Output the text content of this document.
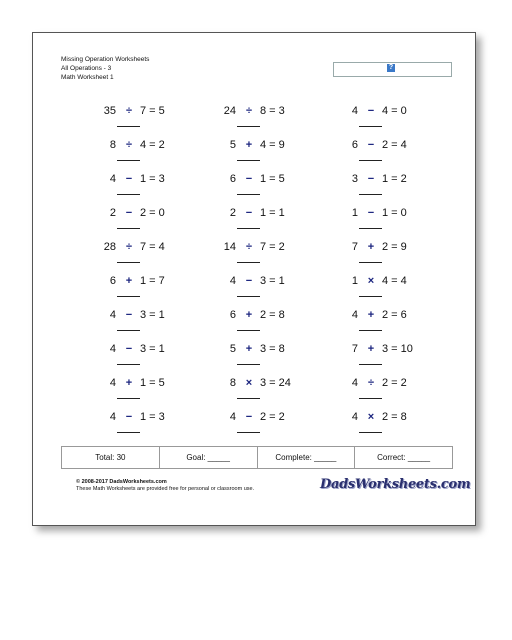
Missing Operation Worksheets
All Operations - 3
Math Worksheet 1
?
35 ÷ 7 = 5	24 ÷ 8 = 3	4 − 4 = 0
8 ÷ 4 = 2	5 + 4 = 9	6 − 2 = 4
4 − 1 = 3	6 − 1 = 5	3 − 1 = 2
2 − 2 = 0	2 − 1 = 1	1 − 1 = 0
28 ÷ 7 = 4	14 ÷ 7 = 2	7 + 2 = 9
6 + 1 = 7	4 − 3 = 1	1 × 4 = 4
4 − 3 = 1	6 + 2 = 8	4 + 2 = 6
4 − 3 = 1	5 + 3 = 8	7 + 3 = 10
4 + 1 = 5	8 × 3 = 24	4 ÷ 2 = 2
4 − 1 = 3	4 − 2 = 2	4 × 2 = 8
Total: 30	Goal: _____	Complete: _____	Correct: _____
© 2008-2017 DadsWorksheets.com
These Math Worksheets are provided free for personal or classroom use.	DadsWorksheets.com
